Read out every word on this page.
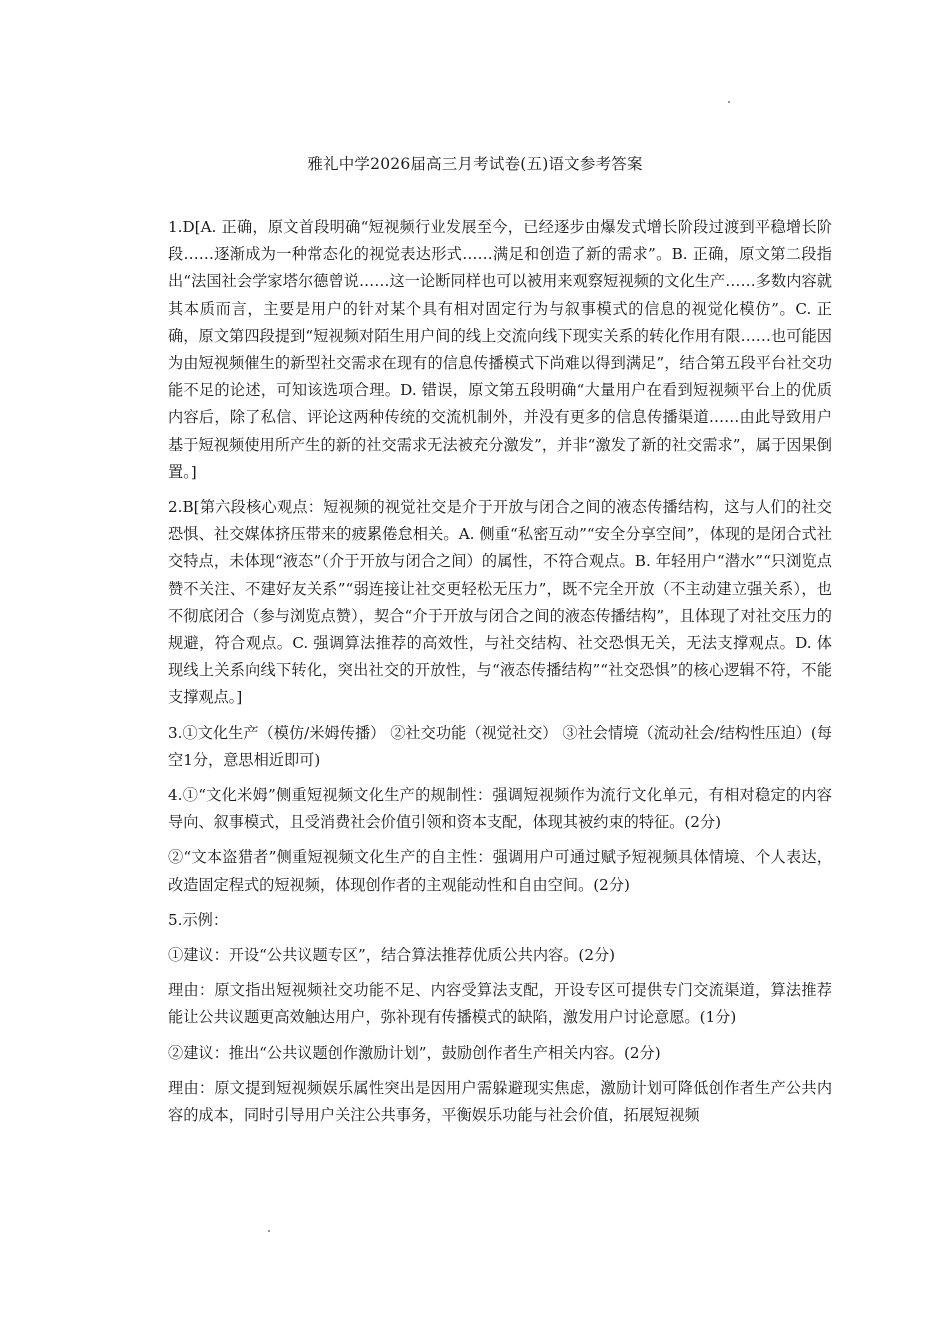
雅礼中学2026届高三月考试卷(五)语文参考答案

1.D[A. 正确，原文首段明确“短视频行业发展至今，已经逐步由爆发式增长阶段过渡到平稳增长阶段……逐渐成为一种常态化的视觉表达形式……满足和创造了新的需求”。B. 正确，原文第二段指出“法国社会学家塔尔德曾说……这一论断同样也可以被用来观察短视频的文化生产……多数内容就其本质而言，主要是用户的针对某个具有相对固定行为与叙事模式的信息的视觉化模仿”。C. 正确，原文第四段提到“短视频对陌生用户间的线上交流向线下现实关系的转化作用有限……也可能因为由短视频催生的新型社交需求在现有的信息传播模式下尚难以得到满足”，结合第五段平台社交功能不足的论述，可知该选项合理。D. 错误，原文第五段明确“大量用户在看到短视频平台上的优质内容后，除了私信、评论这两种传统的交流机制外，并没有更多的信息传播渠道……由此导致用户基于短视频使用所产生的新的社交需求无法被充分激发”，并非“激发了新的社交需求”，属于因果倒置。]

2.B[第六段核心观点：短视频的视觉社交是介于开放与闭合之间的液态传播结构，这与人们的社交恐惧、社交媒体挤压带来的疲累倦怠相关。A. 侧重“私密互动”“安全分享空间”，体现的是闭合式社交特点，未体现“液态”（介于开放与闭合之间）的属性，不符合观点。B. 年轻用户“潜水”“只浏览点赞不关注、不建好友关系”“弱连接让社交更轻松无压力”，既不完全开放（不主动建立强关系），也不彻底闭合（参与浏览点赞），契合“介于开放与闭合之间的液态传播结构”，且体现了对社交压力的规避，符合观点。C. 强调算法推荐的高效性，与社交结构、社交恐惧无关，无法支撑观点。D. 体现线上关系向线下转化，突出社交的开放性，与“液态传播结构”“社交恐惧”的核心逻辑不符，不能支撑观点。]

3.①文化生产（模仿/米姆传播） ②社交功能（视觉社交） ③社会情境（流动社会/结构性压迫）(每空1分，意思相近即可)

4.①“文化米姆”侧重短视频文化生产的规制性：强调短视频作为流行文化单元，有相对稳定的内容导向、叙事模式，且受消费社会价值引领和资本支配，体现其被约束的特征。(2分)

②“文本盗猎者”侧重短视频文化生产的自主性：强调用户可通过赋予短视频具体情境、个人表达，改造固定程式的短视频，体现创作者的主观能动性和自由空间。(2分)

5.示例：

①建议：开设“公共议题专区”，结合算法推荐优质公共内容。(2分)

理由：原文指出短视频社交功能不足、内容受算法支配，开设专区可提供专门交流渠道，算法推荐能让公共议题更高效触达用户，弥补现有传播模式的缺陷，激发用户讨论意愿。(1分)

②建议：推出“公共议题创作激励计划”，鼓励创作者生产相关内容。(2分)

理由：原文提到短视频娱乐属性突出是因用户需躲避现实焦虑，激励计划可降低创作者生产公共内容的成本，同时引导用户关注公共事务，平衡娱乐功能与社会价值，拓展短视频
